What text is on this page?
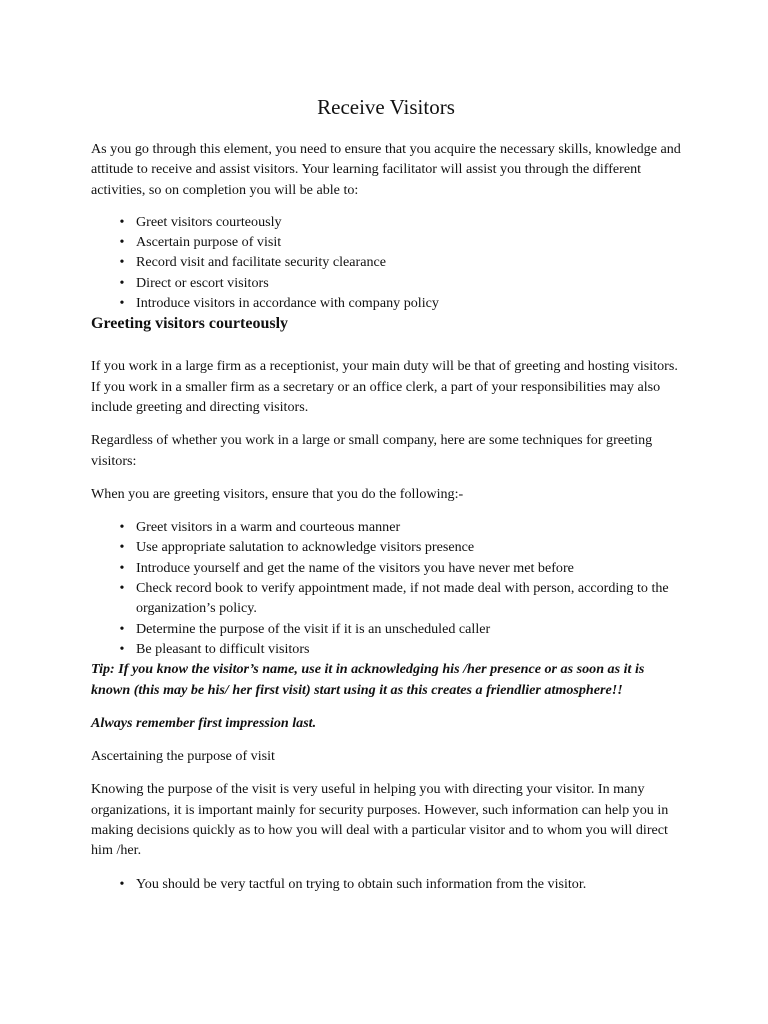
Receive Visitors

As you go through this element, you need to ensure that you acquire the necessary skills, knowledge and attitude to receive and assist visitors. Your learning facilitator will assist you through the different activities, so on completion you will be able to:

• Greet visitors courteously
• Ascertain purpose of visit
• Record visit and facilitate security clearance
• Direct or escort visitors
• Introduce visitors in accordance with company policy
Greeting visitors courteously

If you work in a large firm as a receptionist, your main duty will be that of greeting and hosting visitors. If you work in a smaller firm as a secretary or an office clerk, a part of your responsibilities may also include greeting and directing visitors.

Regardless of whether you work in a large or small company, here are some techniques for greeting visitors:

When you are greeting visitors, ensure that you do the following:-

• Greet visitors in a warm and courteous manner
• Use appropriate salutation to acknowledge visitors presence
• Introduce yourself and get the name of the visitors you have never met before
• Check record book to verify appointment made, if not made deal with person, according to the organization’s policy.
• Determine the purpose of the visit if it is an unscheduled caller
• Be pleasant to difficult visitors

Tip: If you know the visitor’s name, use it in acknowledging his /her presence or as soon as it is known (this may be his/ her first visit) start using it as this creates a friendlier atmosphere!!

Always remember first impression last.

Ascertaining the purpose of visit

Knowing the purpose of the visit is very useful in helping you with directing your visitor. In many organizations, it is important mainly for security purposes. However, such information can help you in making decisions quickly as to how you will deal with a particular visitor and to whom you will direct him /her.

• You should be very tactful on trying to obtain such information from the visitor.
